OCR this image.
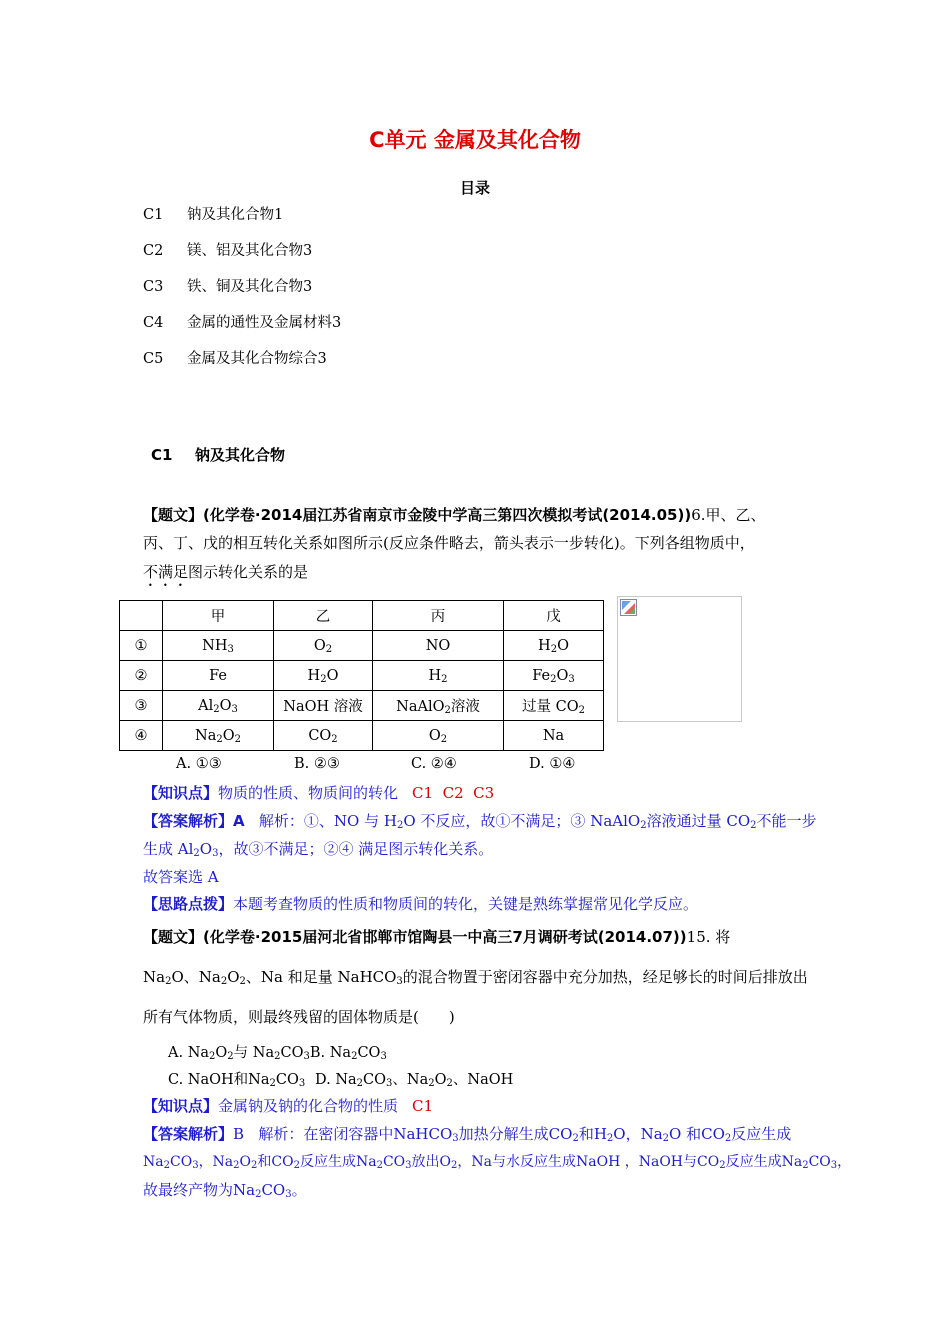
C单元 金属及其化合物
目录
C1 钠及其化合物1
C2 镁、铝及其化合物3
C3 铁、铜及其化合物3
C4 金属的通性及金属材料3
C5 金属及其化合物综合3
C1 钠及其化合物
【题文】(化学卷·2014届江苏省南京市金陵中学高三第四次模拟考试(2014.05))6.甲、乙、
丙、丁、戊的相互转化关系如图所示(反应条件略去，箭头表示一步转化)。下列各组物质中，
不满足图示转化关系的是
	甲	乙	丙	戊
①	$NH_3$	$O_2$	NO	$H_2O$
②	Fe	$H_2O$	$H_2$	$Fe_2O_3$
③	$Al_2O_3$	NaOH 溶液	NaAlO$_2$溶液	过量 $CO_2$
④	$Na_2O_2$	$CO_2$	$O_2$	Na
A. ①③	B. ②③	C. ②④	D. ①④
【知识点】物质的性质、物质间的转化 C1  C2  C3
【答案解析】A   解析：①、NO 与 $H_2O$ 不反应，故①不满足；③ NaAlO$_2$溶液通过量 $CO_2$不能一步
生成 $Al_2O_3$，故③不满足；②④ 满足图示转化关系。
故答案选 A
【思路点拨】本题考查物质的性质和物质间的转化，关键是熟练掌握常见化学反应。
【题文】(化学卷·2015届河北省邯郸市馆陶县一中高三7月调研考试(2014.07))15. 将
$Na_2O$、$Na_2O_2$、Na 和足量 NaHCO$_3$的混合物置于密闭容器中充分加热，经足够长的时间后排放出
所有气体物质，则最终残留的固体物质是(　　)
A. $Na_2O_2$与 $Na_2CO_3B$. $Na_2CO_3$
C. NaOH和$Na_2CO_3$ D. $Na_2CO_3$、$Na_2O_2$、NaOH
【知识点】金属钠及钠的化合物的性质 C1
【答案解析】B   解析：在密闭容器中NaHCO$_3$加热分解生成$CO_2$和$H_2O$，$Na_2O$ 和$CO_2$反应生成
$Na_2CO_3$，$Na_2O_2$和$CO_2$反应生成$Na_2CO_3$放出$O_2$，Na与水反应生成NaOH ，NaOH与$CO_2$反应生成$Na_2CO_3$，
故最终产物为$Na_2CO_3$。
